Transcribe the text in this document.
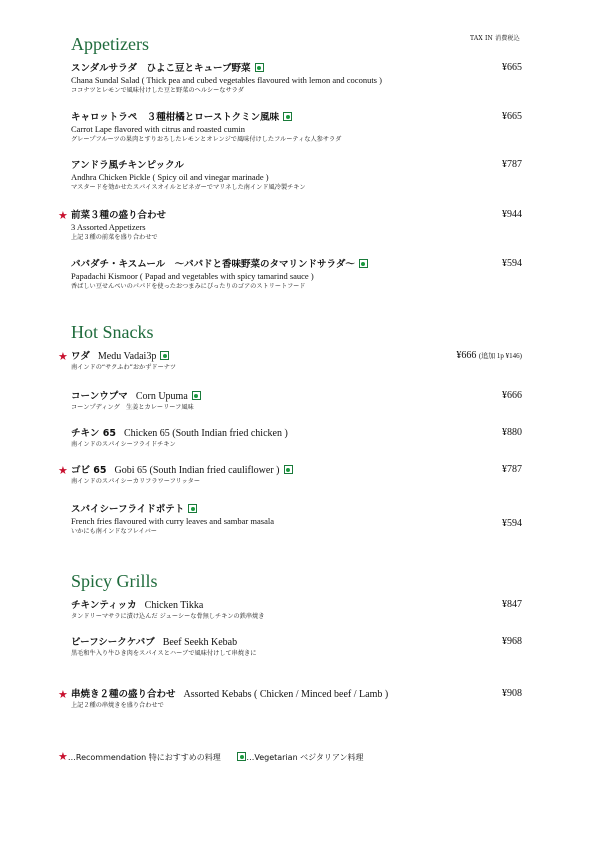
TAX IN 消費税込
Appetizers
スンダルサラダ　ひよこ豆とキューブ野菜
Chana Sundal Salad ( Thick pea and cubed vegetables flavoured with lemon and coconuts )
ココナツとレモンで風味付けした豆と野菜のヘルシーなサラダ
¥665
キャロットラペ　３種柑橘とローストクミン風味
Carrot Lape flavored with citrus and roasted cumin
グレープフルーツの果肉とすりおろしたレモンとオレンジで風味付けしたフルーティな人参サラダ
¥665
アンドラ風チキンピックル
Andhra Chicken Pickle ( Spicy oil and vinegar marinade )
マスタードを効かせたスパイスオイルとビネガーでマリネした南インド風冷製チキン
¥787
★ 前菜３種の盛り合わせ
3 Assorted Appetizers
上記３種の前菜を盛り合わせで
¥944
パパダチ・キスムール　～パパドと香味野菜のタマリンドサラダ～
Papadachi Kismoor ( Papad and vegetables with spicy tamarind sauce )
香ばしい豆せんべいのパパドを使ったおつまみにぴったりのゴアのストリートフード
¥594
Hot Snacks
★ ワダ Medu Vadai3p
南インドの“サクふわ”おかずドーナツ
¥666 (追加 1p ¥146)
コーンウプマ Corn Upuma
コーンプディング　生姜とカレーリーフ風味
¥666
チキン 65 Chicken 65 (South Indian fried chicken )
南インドのスパイシーフライドチキン
¥880
★ ゴビ 65 Gobi 65 (South Indian fried cauliflower )
南インドのスパイシーカリフラワーフリッター
¥787
スパイシーフライドポテト
French fries flavoured with curry leaves and sambar masala
いかにも南インドなフレイバー
¥594
Spicy Grills
チキンティッカ Chicken Tikka
タンドリーマサラに漬け込んだ ジューシーな骨無しチキンの鉄串焼き
¥847
ビーフシークケバブ Beef Seekh Kebab
黒毛和牛入り牛ひき肉をスパイスとハーブで風味付けして串焼きに
¥968
★ 串焼き２種の盛り合わせ Assorted Kebabs ( Chicken / Minced beef / Lamb )
上記２種の串焼きを盛り合わせで
¥908
★…Recommendation 特におすすめの料理	…Vegetarian ベジタリアン料理
